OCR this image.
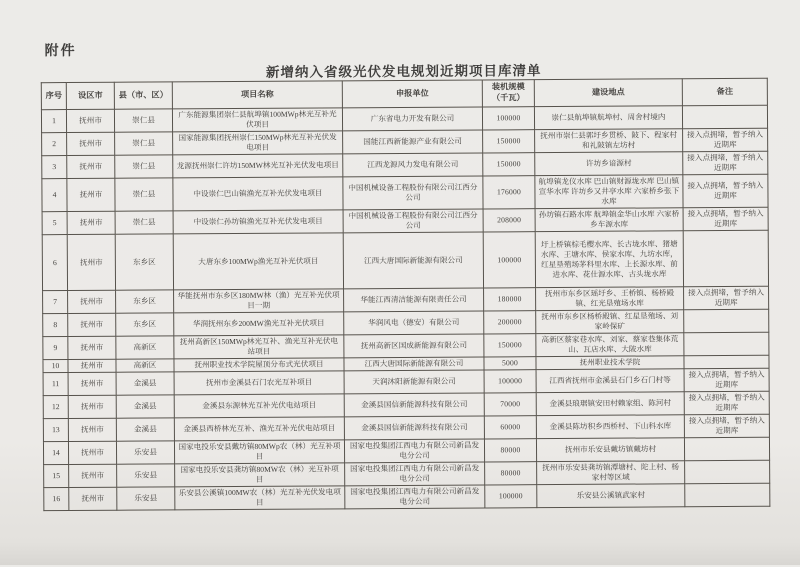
附件
新增纳入省级光伏发电规划近期项目库清单
序号	设区市	县（市、区）	项目名称	申报单位	装机规模（千瓦）	建设地点	备注
1	抚州市	崇仁县	广东能源集团崇仁县航埠镇100MWp林光互补光伏项目	广东省电力开发有限公司	100000	崇仁县航埠镇航埠村、周舍村境内	
2	抚州市	崇仁县	国家能源集团抚州崇仁150MWp林光互补光伏发电项目	国能江西新能源产业有限公司	150000	抚州市崇仁县郭圩乡贯桥、陂下、程家村和礼陂镇左坊村	接入点拥堵，暂予纳入近期库
3	抚州市	崇仁县	龙源抚州崇仁许坊150MW林光互补光伏发电项目	江西龙源风力发电有限公司	150000	许坊乡谙源村	接入点拥堵，暂予纳入近期库
4	抚州市	崇仁县	中设崇仁巴山镇渔光互补光伏发电项目	中国机械设备工程股份有限公司江西分公司	176000	航埠镇龙仪水库 巴山镇财源垅水库 巴山镇宣华水库 许坊乡又井亭水库 六家桥乡张下水库	接入点拥堵，暂予纳入近期库
5	抚州市	崇仁县	中设崇仁孙坊镇渔光互补光伏发电项目	中国机械设备工程股份有限公司江西分公司	208000	孙坊镇石路水库 航埠镇金华山水库 六家桥乡车源水库	接入点拥堵，暂予纳入近期库
6	抚州市	东乡区	大唐东乡100MWp渔光互补光伏项目	江西大唐国际新能源有限公司	100000	圩上桥镇棕毛樱水库、长古垅水库、猪塘水库、王塘水库、侯家水库、九坊水库，红星垦殖场茅科里水库、上长源水库、前进水库、花仕源水库、古头垅水库	
7	抚州市	东乡区	华能抚州市东乡区180MW林（渔）光互补光伏项目一期	华能江西清洁能源有限责任公司	180000	抚州市东乡区瑶圩乡、王桥镇、杨桥殿镇、红光垦殖场水库	接入点拥堵，暂予纳入近期库
8	抚州市	东乡区	华润抚州东乡200MW渔光互补光伏项目	华润风电（德安）有限公司	200000	抚州市东乡区杨桥殿镇、红星垦殖场、刘家岭保矿	
9	抚州市	高新区	抚州高新区150MWp林光互补、渔光互补光伏电站项目	抚州高新区国成新能源有限公司	150000	高新区蔡家巷水库、刘家、蔡家巷集体荒山、瓦店水库、大陂水库	
10	抚州市	高新区	抚州职业技术学院屋顶分布式光伏项目	江西大唐国际新能源有限公司	5000	抚州职业技术学院	
11	抚州市	金溪县	抚州市金溪县石门农光互补项目	天润沐阳新能源有限公司	100000	江西省抚州市金溪县石门乡石门村等	接入点拥堵，暂予纳入近期库
12	抚州市	金溪县	金溪县东源林光互补光伏电站项目	金溪县国信新能源科技有限公司	70000	金溪县琅琚镇安田村赖家组、陈河村	接入点拥堵，暂予纳入近期库
13	抚州市	金溪县	金溪县西桥林光互补、渔光互补光伏电站项目	金溪县国信新能源科技有限公司	60000	金溪县陈坊积乡西桥村、下山科水库	接入点拥堵，暂予纳入近期库
14	抚州市	乐安县	国家电投乐安县戴坊镇80MWp农（林）光互补项目	国家电投集团江西电力有限公司新昌发电分公司	80000	抚州市乐安县戴坊镇戴坊村	
15	抚州市	乐安县	国家电投乐安县龚坊镇80MW农（林）光互补项目	国家电投集团江西电力有限公司新昌发电分公司	80000	抚州市乐安县龚坊镇潭塘村、陀上村、杨家村等区域	
16	抚州市	乐安县	乐安县公溪镇100MW农（林）光互补光伏发电项目	国家电投集团江西电力有限公司新昌发电分公司	100000	乐安县公溪镇武家村	
